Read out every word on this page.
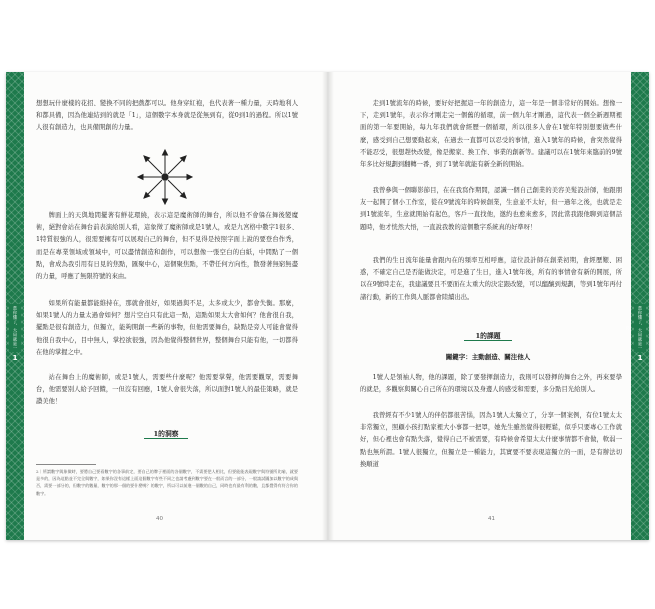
當你懂了，大局就是一你
1

想想玩什麼樣的花招、變換不同的把戲都可以。他身穿紅袍，也代表著一種力量，天時地利人和都具備，因為他連結到的就是「1」，這個數字本身就是從無到有，從0到1的過程。所以1號人很有創造力，也具備開創的力量。

牌面上的天與地間擺著有鮮花環繞，表示這是魔術師的舞台，所以他不會躲在舞後變魔術，絕對會站在舞台前表演給別人看，這象徵了魔術師或是1號人，或是九宮格中數字1很多、1特質很強的人，很需要擁有可以展現自己的舞台，但不見得是按照字面上說的要登台作秀，而是在專業領域或領域中，可以盡情創造和創作，可以想像一張空白的白紙，中間點了一個點，會成為我引用有日見的焦點，匯聚中心，這個聚焦點，不帶任何方向性，散發著無窮無盡的力量，呼應了無限符號的來由。

如果所有能量都能維持在，那就會很好，如果過與不足，太多或太少，都會失衡。那麼，如果1號人的力量太過會如何？想片空白只有此這一點，這點如果太大會如何？他會很自我，擺點是很有創造力，但獨立，能夠開創一些新的事物，但他需要舞台，缺點是旁人可能會覺得他很自我中心，目中無人，掌控欲很強，因為他覺得整個世界，整個舞台只能有他，一切都得在他的掌握之中。

站在舞台上的魔術師，或是1號人，需要些什麼呢？他需要掌聲，他需要觀眾，需要舞台，他需要別人給予回饋，一但沒有回應，1號人會很失落，所以面對1號人的最佳策略，就是讚美他！

1的洞察

2｜所謂數字與象徵時，要將自己要看數字的各事前定，要自己的牌子裡面的各個數字，不需要把人相比，但要能能表現數字與符號所比喻，就要是多的，因為這點並不完全與數字，如果你沒有這樣上面這個數字有些不同之也請考慮到數字要在一般而言的一部分，一般請試圖加以數字的成與否，需要一部分的，但數字的數量，數字的那一個的要什麼嗎？的數字，所以可以前進一個數的自己，同時也有最有利的數，且都覺得有符合你的數字。

40
當你懂了，大局就是一你
1

走到1號流年的時候，要好好把握這一年的創造力，這一年是一個非常好的開始。想像一下，走到1號年，表示你才剛走完一個舊的循環，前一個九年才剛過，這代表一個全新週期裡面的第一年要開始，每九年我們就會經歷一個循環，所以很多人會在1號年特別想要做些什麼，感受到自己想要動起來，在過去一直都可以忍受的事情，進入1號年的時候，會突然覺得不能忍受，很想趕快改變，像是搬家、換工作、事業的創新等。建議可以在1號年來臨前的9號年多比好規劃到翻轉一番，到了1號年就能有新全新的開始。

我曾參與一個聯影節目，在在我寫作期間，認識一個自己創業的美容美髮設計師，他跟朋友一起開了個小工作室，從在9號流年的時候創業，生意並不太好，但一過年之後，也就是走到1號流年，生意就開始有起色，客戶一直找他，邀約也愈來愈多，因此當我跟他聊到這個話題時，他才恍然大悟，一直說我教的這個數字系統真的好準呀！

我們的生日流年能量會跟內在的頻率互相呼應，這位設計師在創業初期，會經歷艱、困惑，不確定自己是否能做決定，可是進了生日，進入1號年後，所有的事情會有新的開展，所以在9號時走在，我建議要且不要面在太重大的決定跟改變，可以醞釀到規劃，等到1號年再付諸行動，新的工作與人脈都會陸續出出。

1的課題
關鍵字：主動創造、關注他人

1號人是領袖人物，他的課題，除了要發揮創造力，我則可以發揮的舞台之外，再來要學的就是，多觀察與關心自己所在的環境以及身邊人的感受和需要，多分點目光給別人。

我曾經有不少1號人的伴侶都很苦惱，因為1號人太獨立了，分享一個案例，有位1號太太非常獨立，照顧小孩打點家裡大小事都一把罩，她先生雖然覺得很輕鬆，似乎只要專心工作就好，但心裡也會有點失落，覺得自己不被需要，有時候會希望太太什麼事情都不會做，軟弱一點也無所謂。1號人很獨立，但獨立是一種能力，其實要不要表現這獨立的一面，是有辦法切換順道

41
